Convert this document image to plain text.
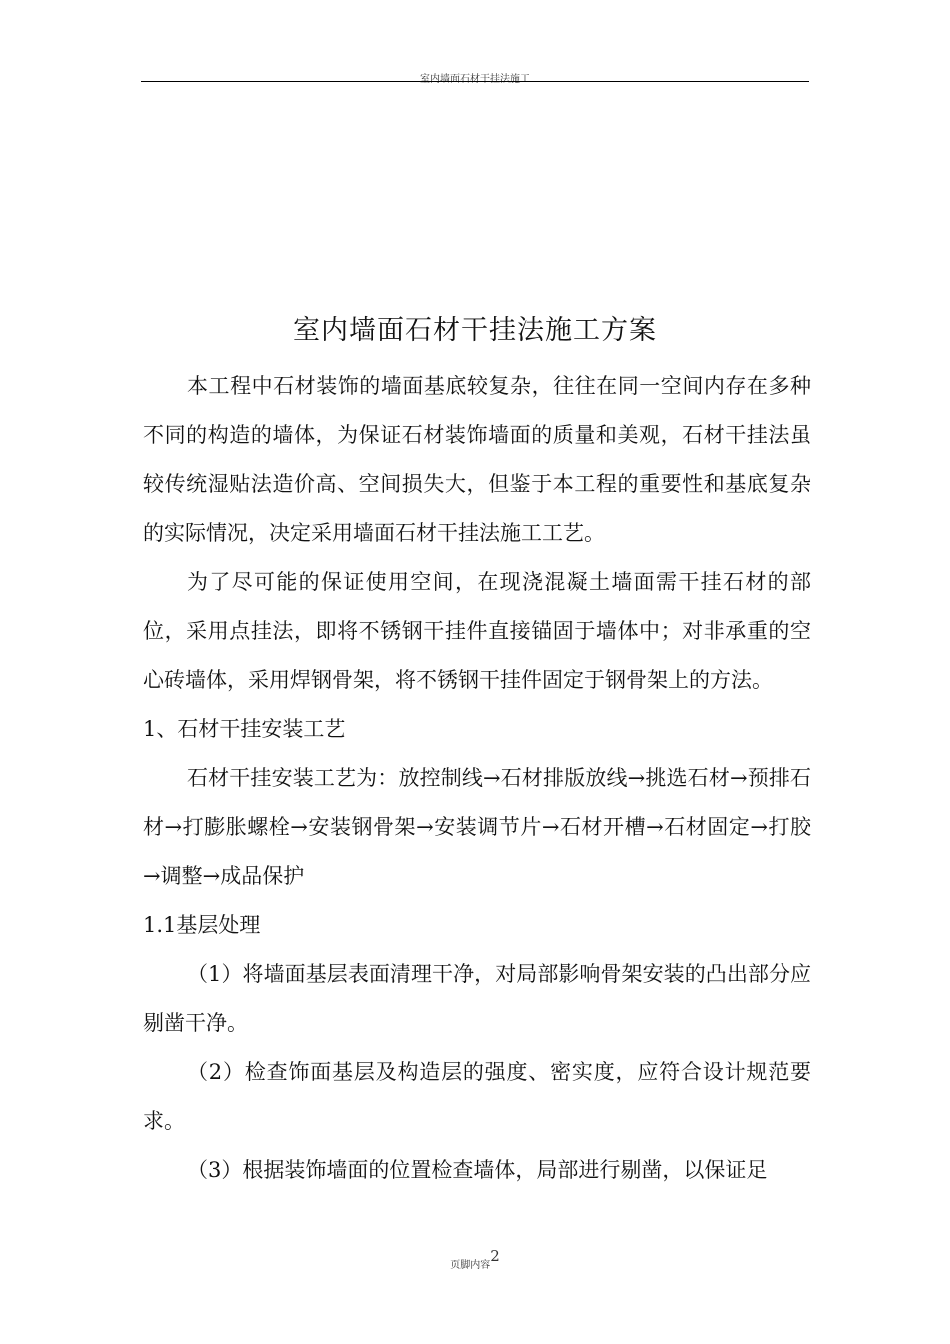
室内墙面石材干挂法施工
室内墙面石材干挂法施工方案

本工程中石材装饰的墙面基底较复杂，往往在同一空间内存在多种不同的构造的墙体，为保证石材装饰墙面的质量和美观，石材干挂法虽较传统湿贴法造价高、空间损失大，但鉴于本工程的重要性和基底复杂的实际情况，决定采用墙面石材干挂法施工工艺。

为了尽可能的保证使用空间，在现浇混凝土墙面需干挂石材的部位，采用点挂法，即将不锈钢干挂件直接锚固于墙体中；对非承重的空心砖墙体，采用焊钢骨架，将不锈钢干挂件固定于钢骨架上的方法。

1、石材干挂安装工艺

石材干挂安装工艺为：放控制线→石材排版放线→挑选石材→预排石材→打膨胀螺栓→安装钢骨架→安装调节片→石材开槽→石材固定→打胶→调整→成品保护

1.1基层处理

（1）将墙面基层表面清理干净，对局部影响骨架安装的凸出部分应剔凿干净。

（2）检查饰面基层及构造层的强度、密实度，应符合设计规范要求。

（3）根据装饰墙面的位置检查墙体，局部进行剔凿，以保证足

页脚内容2
